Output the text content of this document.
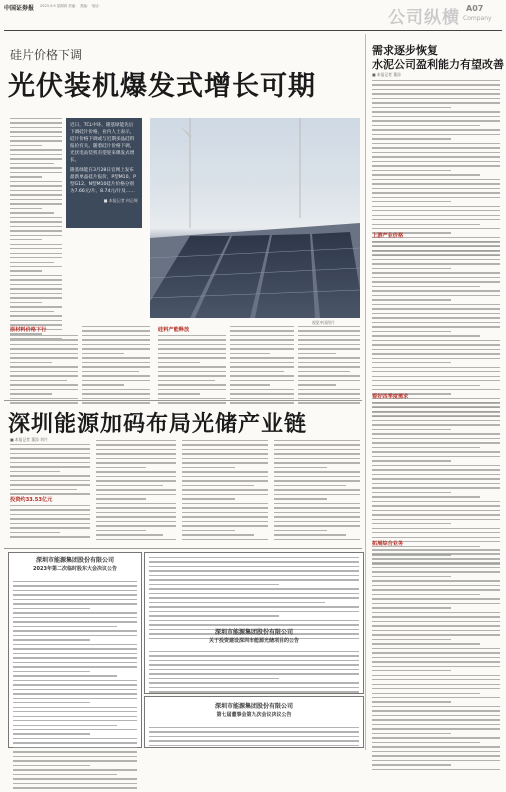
中国证券报 2023.3.9 星期四 责编： 美编： 电话：
公司纵横 A07
Company
硅片价格下调
光伏装机爆发式增长可期
近日，TCL中环、隆基绿能先后下调硅片价格，业内人士表示，硅片价格下调或与近期多晶硅料报价有关。随着硅片价格下调，光伏电站装机有望迎来爆发式增长。
隆基绿能在3月28日官网上发布最新单晶硅片报价，P型M10、P型G12、N型M10硅片价格分别为7.66元/片、8.74元/片及……
■ 本报记者 何正辉
视觉中国图片
原材料价格下行	硅料产能释放
需求逐步恢复
水泥公司盈利能力有望改善
■ 本报记者 董添
上游产业价格
看好四季度需求
拓展综合业务
深圳能源加码布局光储产业链
■ 本报记者 董添 刘兴
投资约33.53亿元
深圳市能源集团股份有限公司
2023年第二次临时股东大会决议公告
深圳市能源集团股份有限公司
关于投资建设深圳市能源光储项目的公告
深圳市能源集团股份有限公司
第七届董事会第九次会议决议公告
